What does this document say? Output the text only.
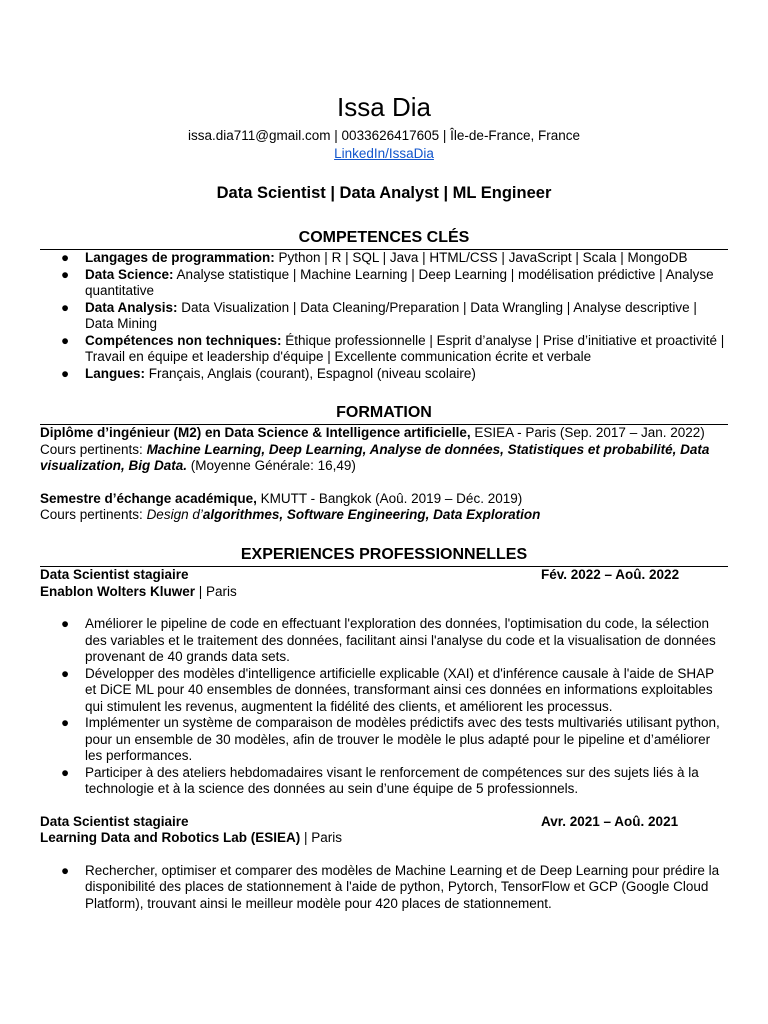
Issa Dia
issa.dia711@gmail.com | 0033626417605 | Île-de-France, France
LinkedIn/IssaDia
Data Scientist | Data Analyst | ML Engineer
COMPETENCES CLÉS
● Langages de programmation: Python | R | SQL | Java | HTML/CSS | JavaScript | Scala | MongoDB
● Data Science: Analyse statistique | Machine Learning | Deep Learning | modélisation prédictive | Analyse quantitative
● Data Analysis: Data Visualization | Data Cleaning/Preparation | Data Wrangling | Analyse descriptive | Data Mining
● Compétences non techniques: Éthique professionnelle | Esprit d’analyse | Prise d’initiative et proactivité | Travail en équipe et leadership d'équipe | Excellente communication écrite et verbale
● Langues: Français, Anglais (courant), Espagnol (niveau scolaire)
FORMATION
Diplôme d’ingénieur (M2) en Data Science & Intelligence artificielle, ESIEA - Paris (Sep. 2017 – Jan. 2022)
Cours pertinents: Machine Learning, Deep Learning, Analyse de données, Statistiques et probabilité, Data visualization, Big Data. (Moyenne Générale: 16,49)
Semestre d’échange académique, KMUTT - Bangkok (Aoû. 2019 – Déc. 2019)
Cours pertinents: Design d’algorithmes, Software Engineering, Data Exploration
EXPERIENCES PROFESSIONNELLES
Data Scientist stagiaire	Fév. 2022 – Aoû. 2022
Enablon Wolters Kluwer | Paris
● Améliorer le pipeline de code en effectuant l'exploration des données, l'optimisation du code, la sélection des variables et le traitement des données, facilitant ainsi l'analyse du code et la visualisation de données provenant de 40 grands data sets.
● Développer des modèles d'intelligence artificielle explicable (XAI) et d'inférence causale à l'aide de SHAP et DiCE ML pour 40 ensembles de données, transformant ainsi ces données en informations exploitables qui stimulent les revenus, augmentent la fidélité des clients, et améliorent les processus.
● Implémenter un système de comparaison de modèles prédictifs avec des tests multivariés utilisant python, pour un ensemble de 30 modèles, afin de trouver le modèle le plus adapté pour le pipeline et d’améliorer les performances.
● Participer à des ateliers hebdomadaires visant le renforcement de compétences sur des sujets liés à la technologie et à la science des données au sein d’une équipe de 5 professionnels.
Data Scientist stagiaire	Avr. 2021 – Aoû. 2021
Learning Data and Robotics Lab (ESIEA) | Paris
● Rechercher, optimiser et comparer des modèles de Machine Learning et de Deep Learning pour prédire la disponibilité des places de stationnement à l'aide de python, Pytorch, TensorFlow et GCP (Google Cloud Platform), trouvant ainsi le meilleur modèle pour 420 places de stationnement.
